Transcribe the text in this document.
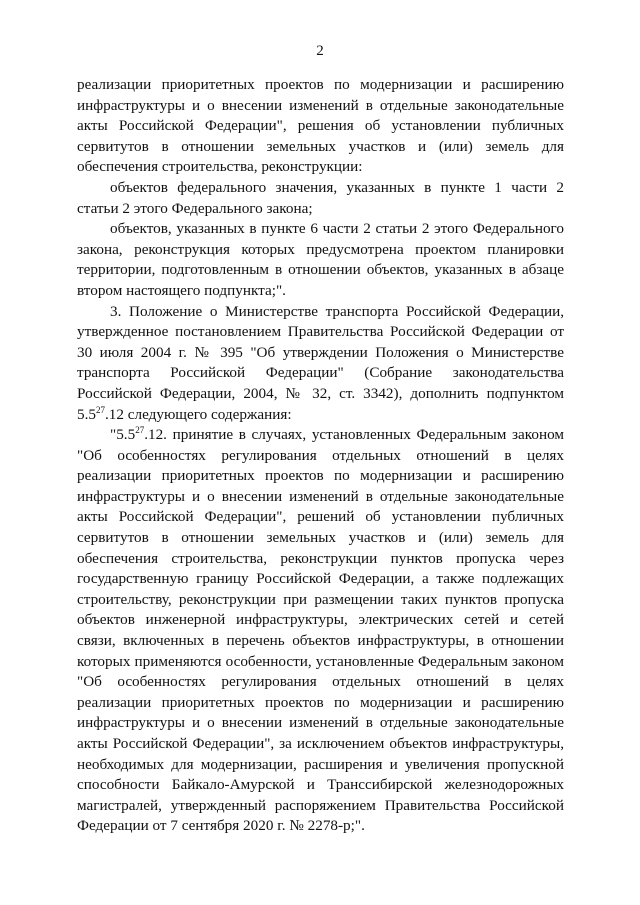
2

реализации приоритетных проектов по модернизации и расширению инфраструктуры и о внесении изменений в отдельные законодательные акты Российской Федерации", решения об установлении публичных сервитутов в отношении земельных участков и (или) земель для обеспечения строительства, реконструкции:

объектов федерального значения, указанных в пункте 1 части 2 статьи 2 этого Федерального закона;

объектов, указанных в пункте 6 части 2 статьи 2 этого Федерального закона, реконструкция которых предусмотрена проектом планировки территории, подготовленным в отношении объектов, указанных в абзаце втором настоящего подпункта;".

3. Положение о Министерстве транспорта Российской Федерации, утвержденное постановлением Правительства Российской Федерации от 30 июля 2004 г. № 395 "Об утверждении Положения о Министерстве транспорта Российской Федерации" (Собрание законодательства Российской Федерации, 2004, № 32, ст. 3342), дополнить подпунктом $5.5^{27}.12$ следующего содержания:

"$5.5^{27}.12$. принятие в случаях, установленных Федеральным законом "Об особенностях регулирования отдельных отношений в целях реализации приоритетных проектов по модернизации и расширению инфраструктуры и о внесении изменений в отдельные законодательные акты Российской Федерации", решений об установлении публичных сервитутов в отношении земельных участков и (или) земель для обеспечения строительства, реконструкции пунктов пропуска через государственную границу Российской Федерации, а также подлежащих строительству, реконструкции при размещении таких пунктов пропуска объектов инженерной инфраструктуры, электрических сетей и сетей связи, включенных в перечень объектов инфраструктуры, в отношении которых применяются особенности, установленные Федеральным законом "Об особенностях регулирования отдельных отношений в целях реализации приоритетных проектов по модернизации и расширению инфраструктуры и о внесении изменений в отдельные законодательные акты Российской Федерации", за исключением объектов инфраструктуры, необходимых для модернизации, расширения и увеличения пропускной способности Байкало-Амурской и Транссибирской железнодорожных магистралей, утвержденный распоряжением Правительства Российской Федерации от 7 сентября 2020 г. № 2278-р;".
